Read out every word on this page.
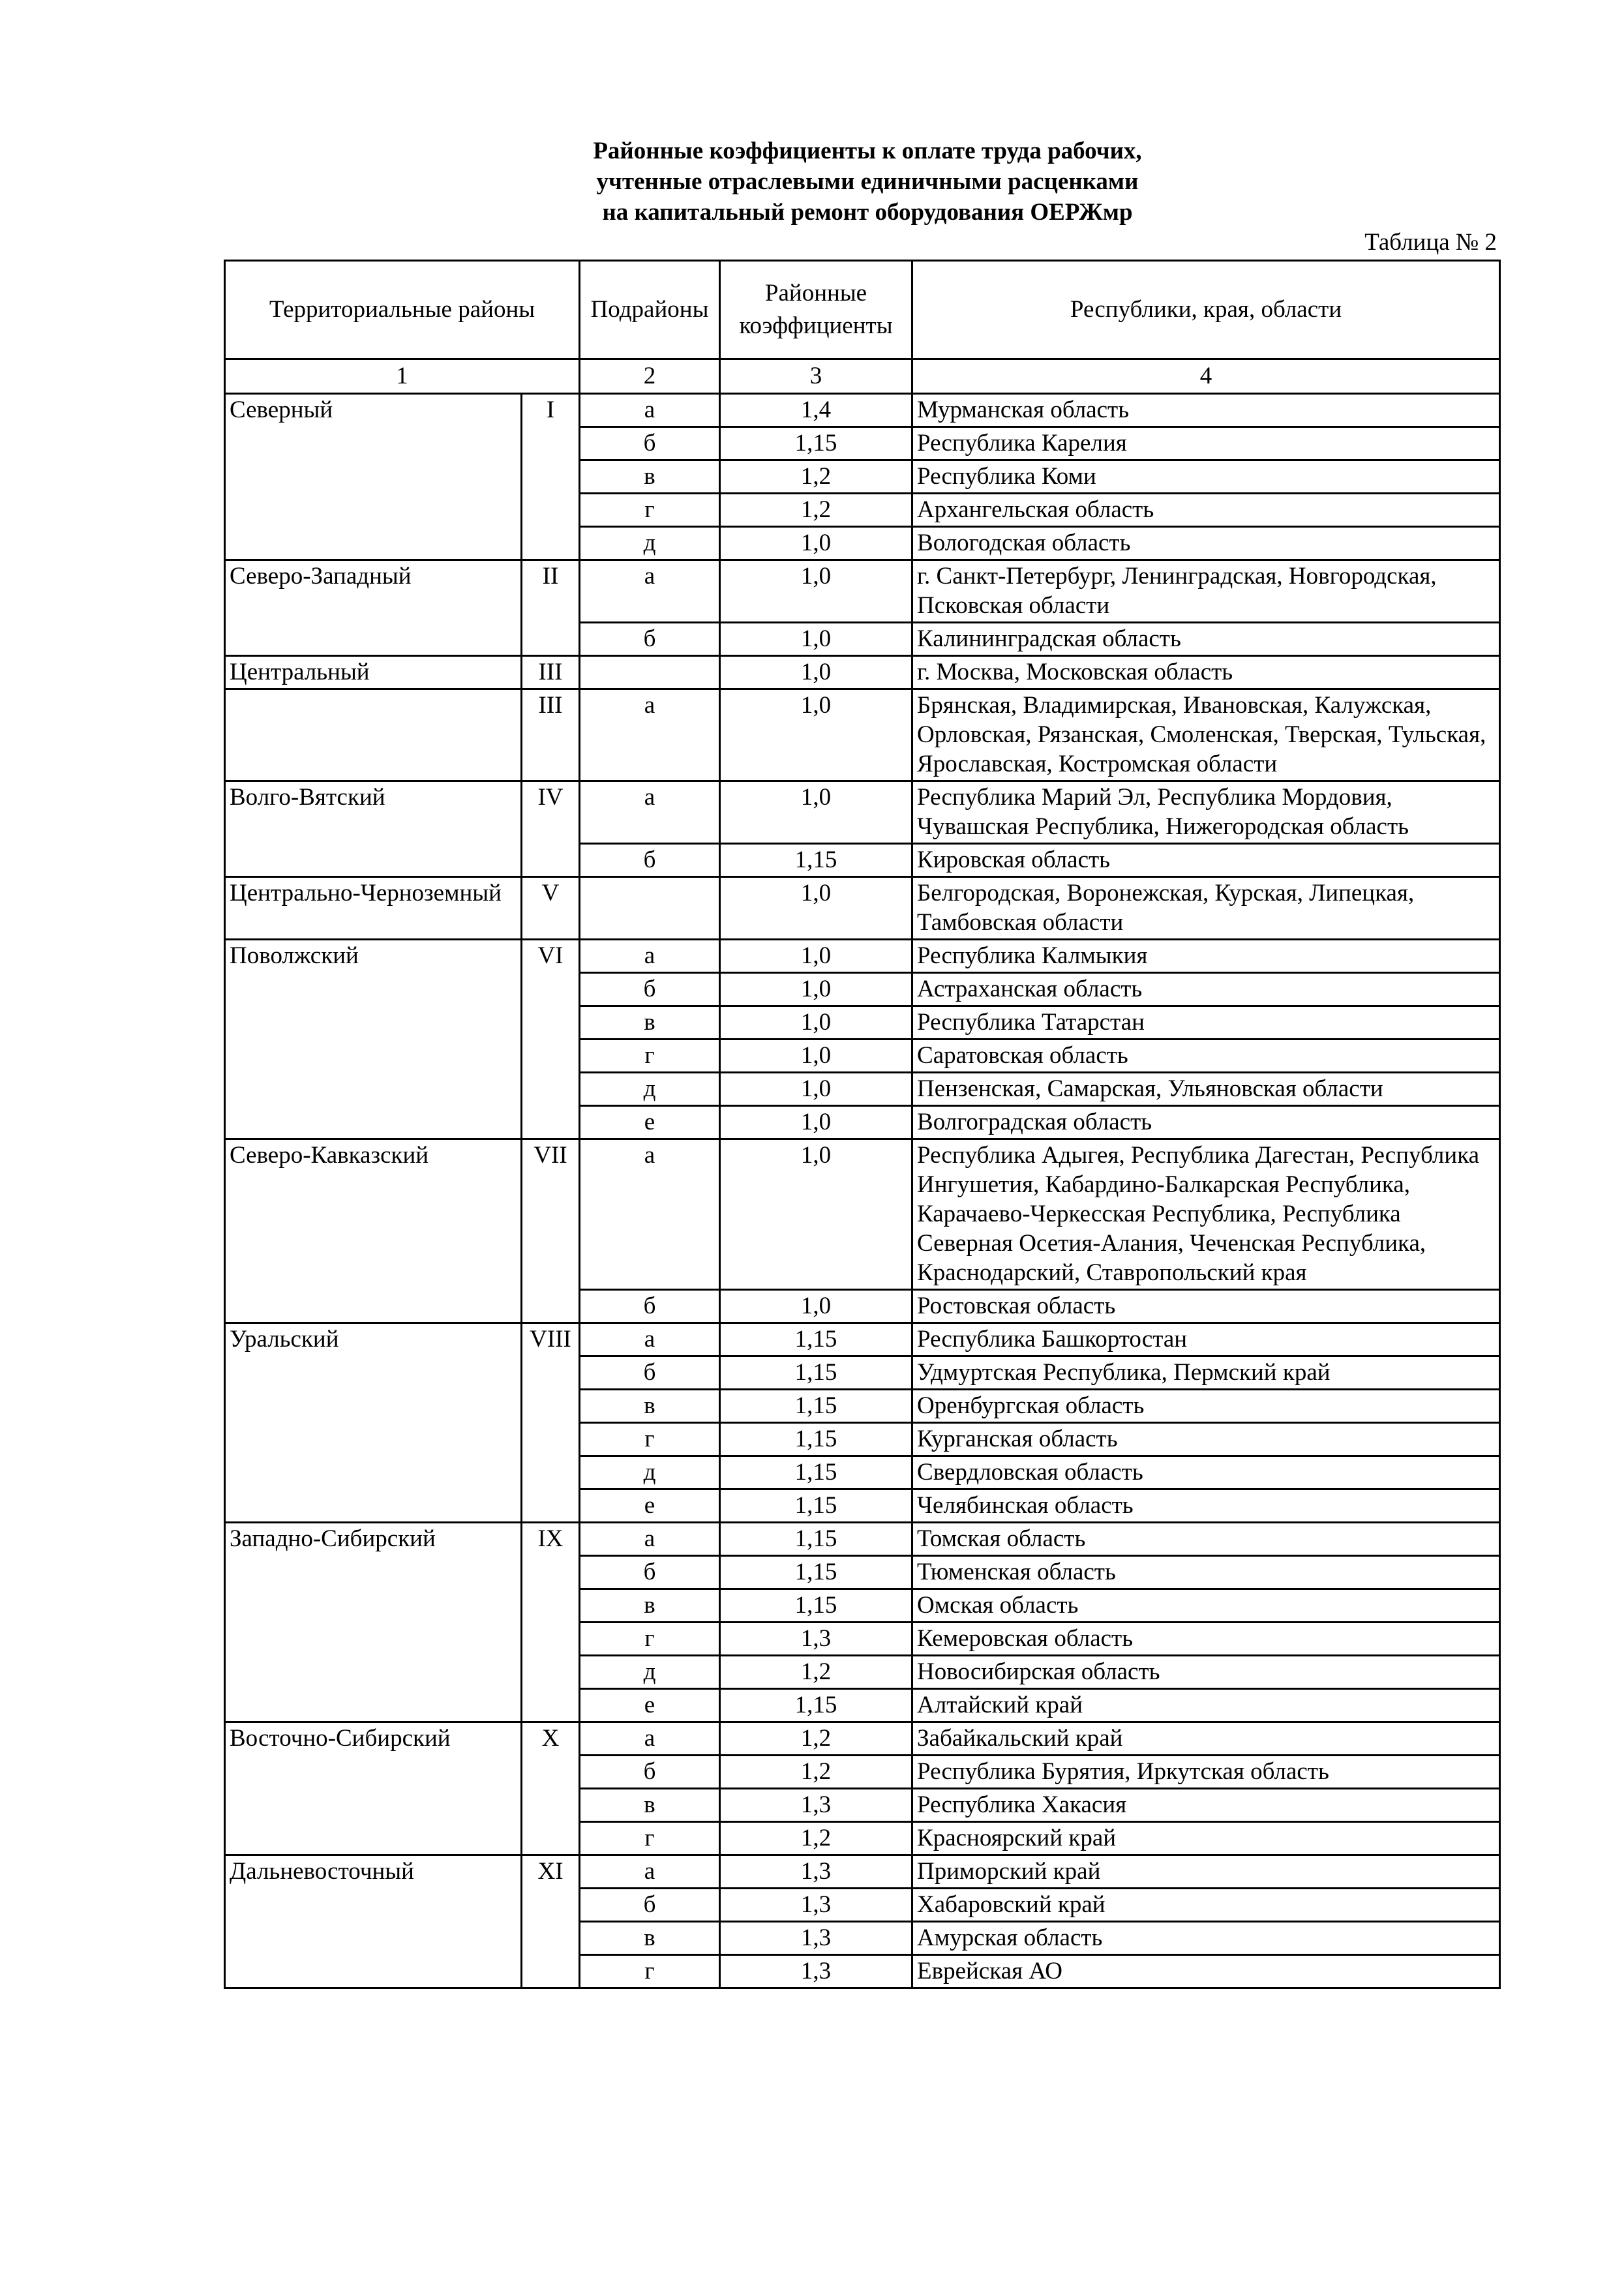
Районные коэффициенты к оплате труда рабочих,
учтенные отраслевыми единичными расценками
на капитальный ремонт оборудования ОЕРЖмр
Таблица № 2
Территориальные районы		Подрайоны	Районные коэффициенты	Республики, края, области
1		2	3	4
Северный	I	а	1,4	Мурманская область
		б	1,15	Республика Карелия
		в	1,2	Республика Коми
		г	1,2	Архангельская область
		д	1,0	Вологодская область
Северо-Западный	II	а	1,0	г. Санкт-Петербург, Ленинградская, Новгородская, Псковская области
		б	1,0	Калининградская область
Центральный	III		1,0	г. Москва, Московская область
	III	а	1,0	Брянская, Владимирская, Ивановская, Калужская, Орловская, Рязанская, Смоленская, Тверская, Тульская, Ярославская, Костромская области
Волго-Вятский	IV	а	1,0	Республика Марий Эл, Республика Мордовия, Чувашская Республика, Нижегородская область
		б	1,15	Кировская область
Центрально-Черноземный	V		1,0	Белгородская, Воронежская, Курская, Липецкая, Тамбовская области
Поволжский	VI	а	1,0	Республика Калмыкия
		б	1,0	Астраханская область
		в	1,0	Республика Татарстан
		г	1,0	Саратовская область
		д	1,0	Пензенская, Самарская, Ульяновская области
		е	1,0	Волгоградская область
Северо-Кавказский	VII	а	1,0	Республика Адыгея, Республика Дагестан, Республика Ингушетия, Кабардино-Балкарская Республика, Карачаево-Черкесская Республика, Республика Северная Осетия-Алания, Чеченская Республика, Краснодарский, Ставропольский края
		б	1,0	Ростовская область
Уральский	VIII	а	1,15	Республика Башкортостан
		б	1,15	Удмуртская Республика, Пермский край
		в	1,15	Оренбургская область
		г	1,15	Курганская область
		д	1,15	Свердловская область
		е	1,15	Челябинская область
Западно-Сибирский	IX	а	1,15	Томская область
		б	1,15	Тюменская область
		в	1,15	Омская область
		г	1,3	Кемеровская область
		д	1,2	Новосибирская область
		е	1,15	Алтайский край
Восточно-Сибирский	X	а	1,2	Забайкальский край
		б	1,2	Республика Бурятия, Иркутская область
		в	1,3	Республика Хакасия
		г	1,2	Красноярский край
Дальневосточный	XI	а	1,3	Приморский край
		б	1,3	Хабаровский край
		в	1,3	Амурская область
		г	1,3	Еврейская АО
